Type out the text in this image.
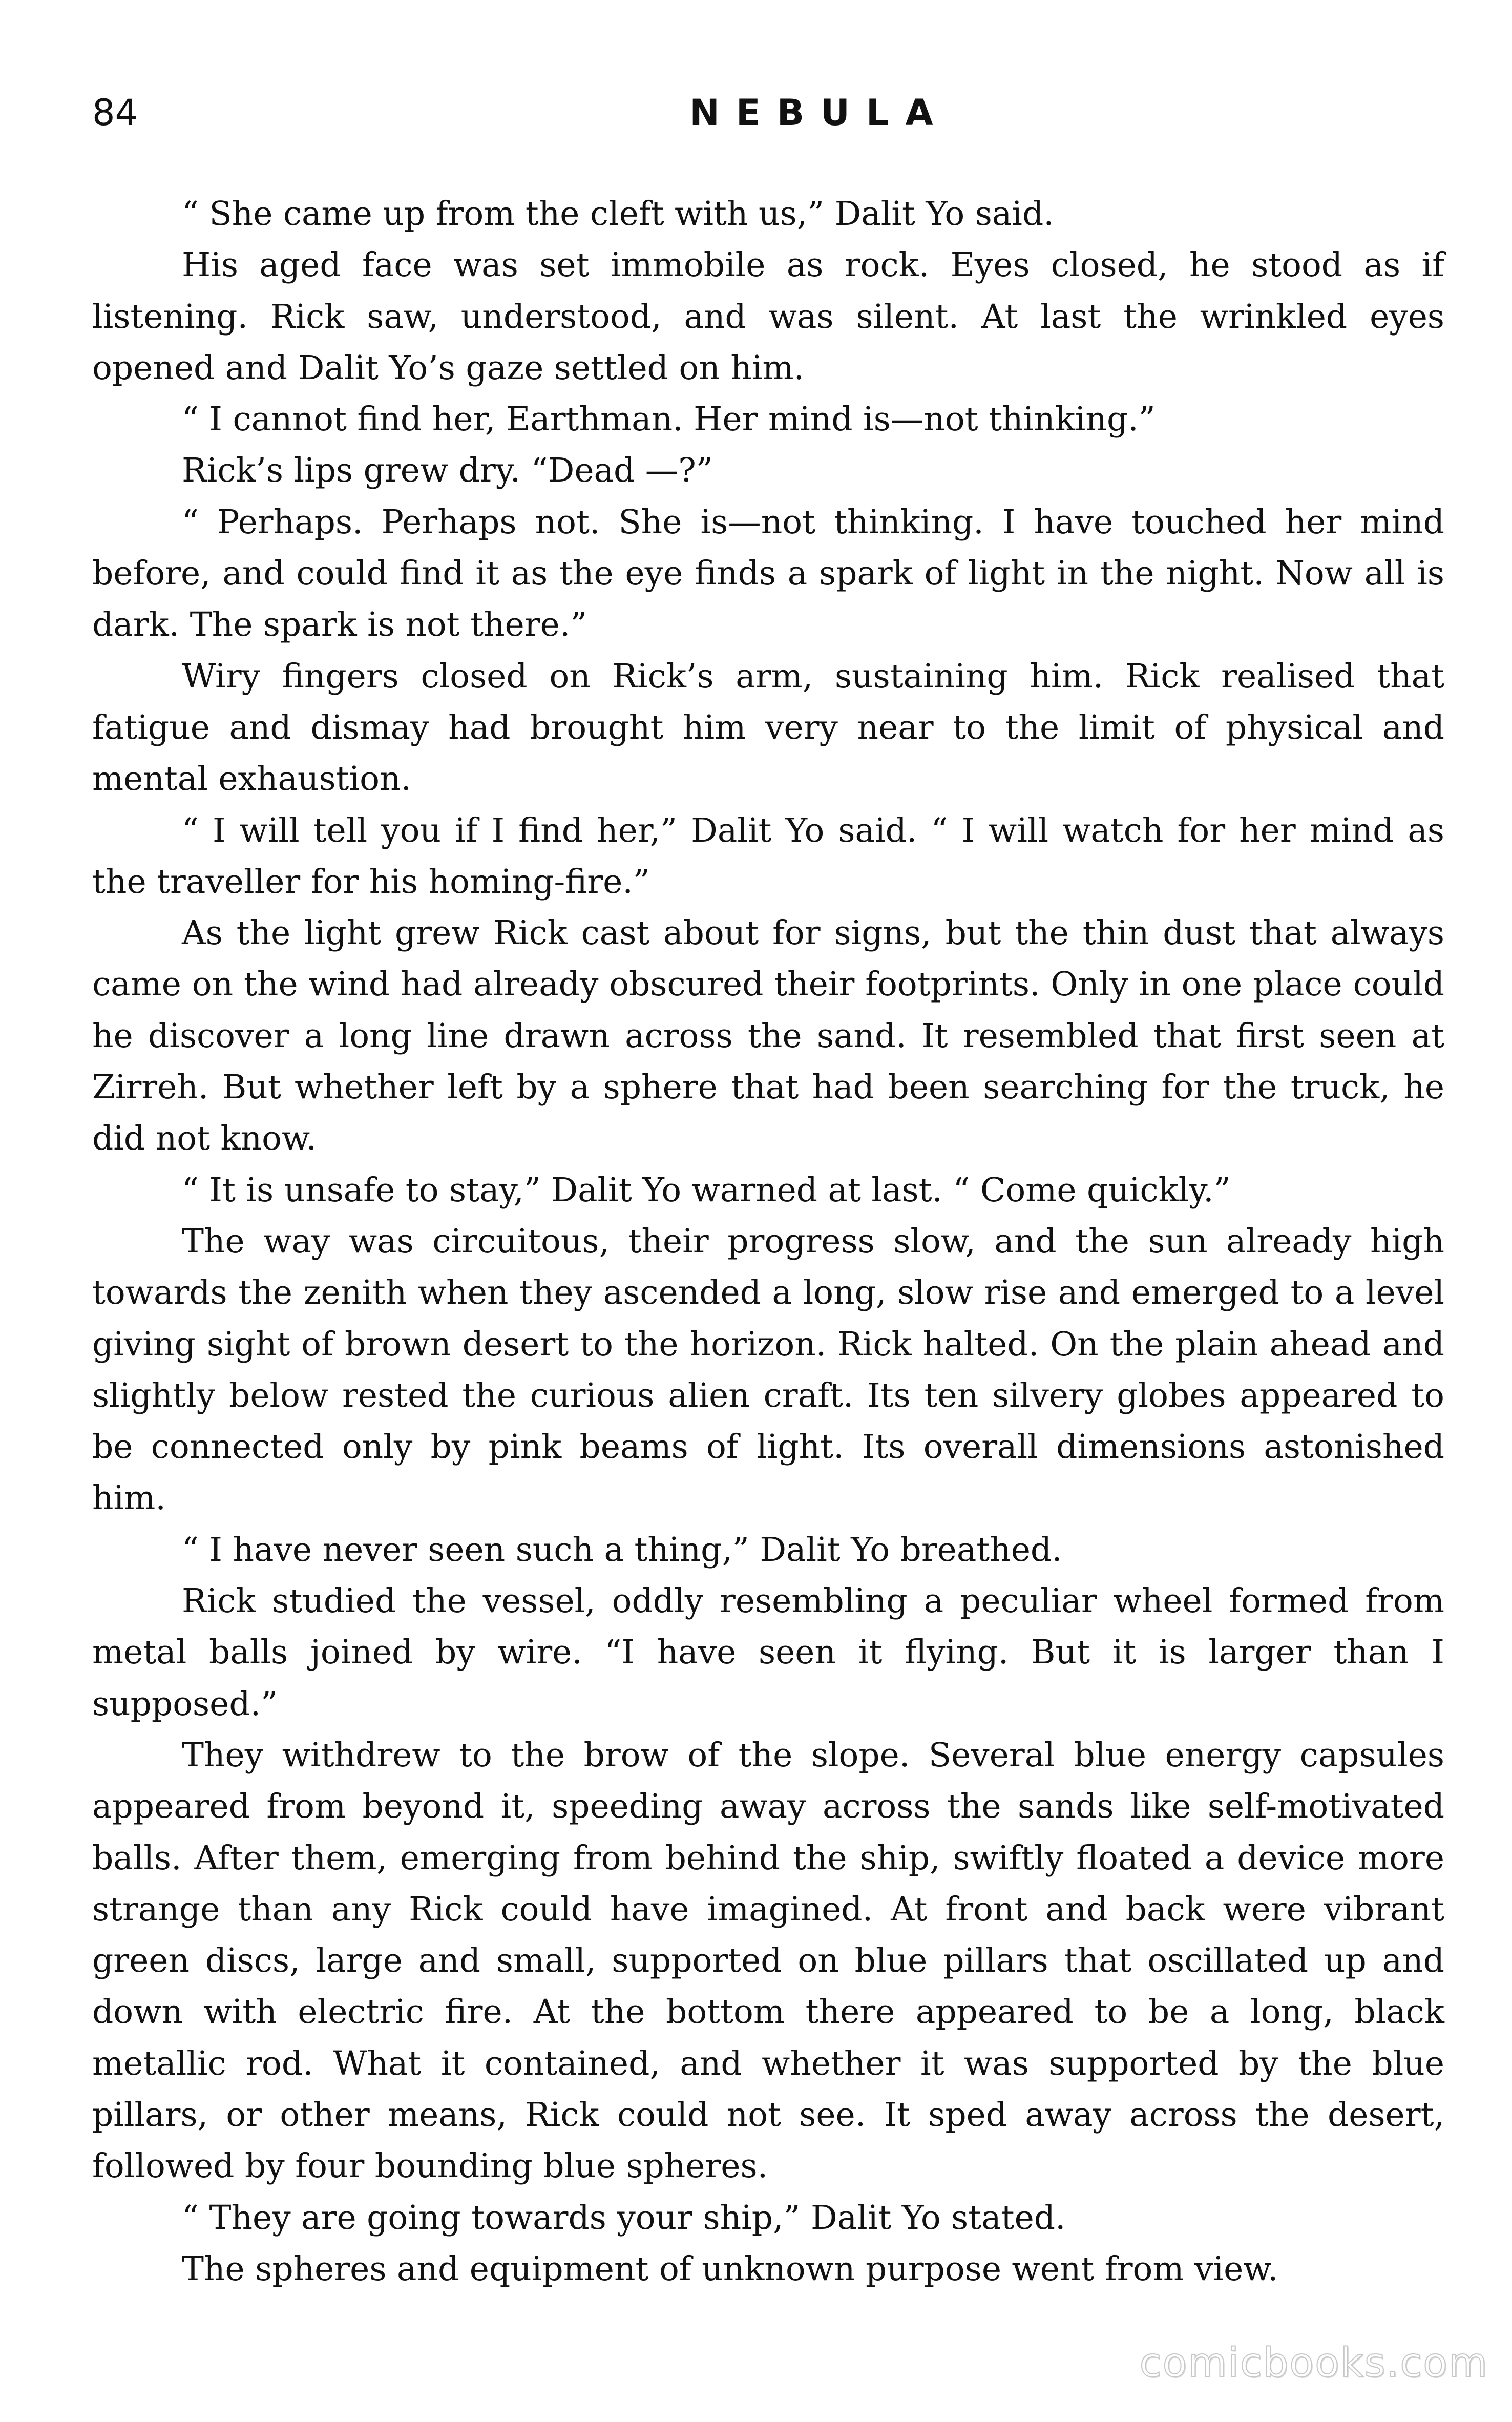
84	NEBULA

“ She came up from the cleft with us,” Dalit Yo said.

His aged face was set immobile as rock. Eyes closed, he stood as if listening. Rick saw, understood, and was silent. At last the wrinkled eyes opened and Dalit Yo’s gaze settled on him.

“ I cannot find her, Earthman. Her mind is—not thinking.”

Rick’s lips grew dry. “Dead —?”

“ Perhaps. Perhaps not. She is—not thinking. I have touched her mind before, and could find it as the eye finds a spark of light in the night. Now all is dark. The spark is not there.”

Wiry fingers closed on Rick’s arm, sustaining him. Rick realised that fatigue and dismay had brought him very near to the limit of physical and mental exhaustion.

“ I will tell you if I find her,” Dalit Yo said. “ I will watch for her mind as the traveller for his homing-fire.”

As the light grew Rick cast about for signs, but the thin dust that always came on the wind had already obscured their footprints. Only in one place could he discover a long line drawn across the sand. It resembled that first seen at Zirreh. But whether left by a sphere that had been searching for the truck, he did not know.

“ It is unsafe to stay,” Dalit Yo warned at last. “ Come quickly.”

The way was circuitous, their progress slow, and the sun already high towards the zenith when they ascended a long, slow rise and emerged to a level giving sight of brown desert to the horizon. Rick halted. On the plain ahead and slightly below rested the curious alien craft. Its ten silvery globes appeared to be connected only by pink beams of light. Its overall dimensions astonished him.

“ I have never seen such a thing,” Dalit Yo breathed.

Rick studied the vessel, oddly resembling a peculiar wheel formed from metal balls joined by wire. “I have seen it flying. But it is larger than I supposed.”

They withdrew to the brow of the slope. Several blue energy capsules appeared from beyond it, speeding away across the sands like self-motivated balls. After them, emerging from behind the ship, swiftly floated a device more strange than any Rick could have imagined. At front and back were vibrant green discs, large and small, supported on blue pillars that oscillated up and down with electric fire. At the bottom there appeared to be a long, black metallic rod. What it contained, and whether it was supported by the blue pillars, or other means, Rick could not see. It sped away across the desert, followed by four bounding blue spheres.

“ They are going towards your ship,” Dalit Yo stated.

The spheres and equipment of unknown purpose went from view.

comicbooks.com
